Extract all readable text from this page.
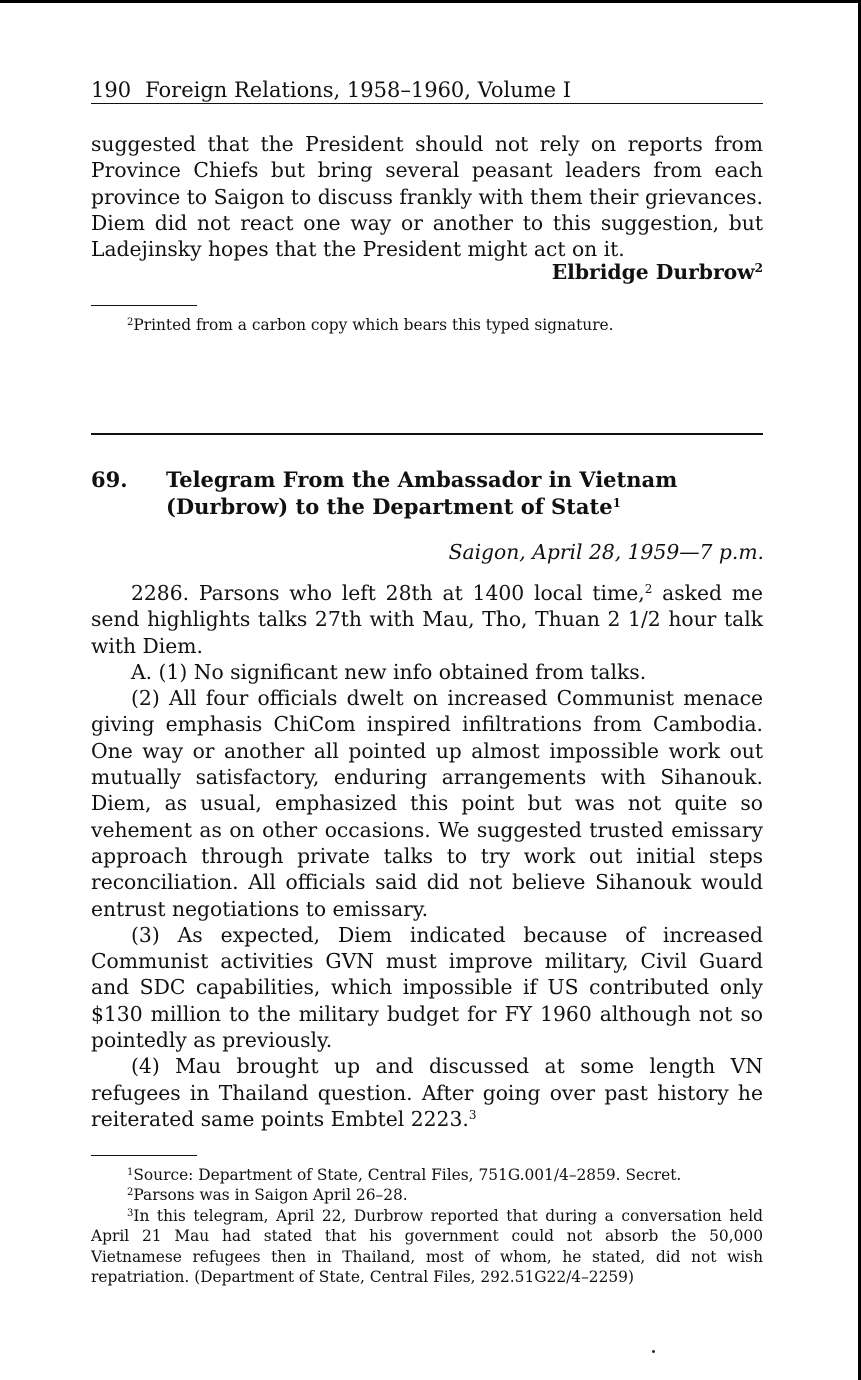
190 Foreign Relations, 1958–1960, Volume I

suggested that the President should not rely on reports from Province Chiefs but bring several peasant leaders from each province to Saigon to discuss frankly with them their grievances. Diem did not react one way or another to this suggestion, but Ladejinsky hopes that the President might act on it.

Elbridge Durbrow$^2$

$^2$Printed from a carbon copy which bears this typed signature.

69. Telegram From the Ambassador in Vietnam (Durbrow) to the Department of State$^1$
Saigon, April 28, 1959—7 p.m.

2286. Parsons who left 28th at 1400 local time,$^2$ asked me send highlights talks 27th with Mau, Tho, Thuan 2 1/2 hour talk with Diem.

A. (1) No significant new info obtained from talks.

(2) All four officials dwelt on increased Communist menace giving emphasis ChiCom inspired infiltrations from Cambodia. One way or another all pointed up almost impossible work out mutually satisfactory, enduring arrangements with Sihanouk. Diem, as usual, emphasized this point but was not quite so vehement as on other occasions. We suggested trusted emissary approach through private talks to try work out initial steps reconciliation. All officials said did not believe Sihanouk would entrust negotiations to emissary.

(3) As expected, Diem indicated because of increased Communist activities GVN must improve military, Civil Guard and SDC capabilities, which impossible if US contributed only $130 million to the military budget for FY 1960 although not so pointedly as previously.

(4) Mau brought up and discussed at some length VN refugees in Thailand question. After going over past history he reiterated same points Embtel 2223.$^3$

$^1$Source: Department of State, Central Files, 751G.001/4–2859. Secret.

$^2$Parsons was in Saigon April 26–28.

$^3$In this telegram, April 22, Durbrow reported that during a conversation held April 21 Mau had stated that his government could not absorb the 50,000 Vietnamese refugees then in Thailand, most of whom, he stated, did not wish repatriation. (Department of State, Central Files, 292.51G22/4–2259)
